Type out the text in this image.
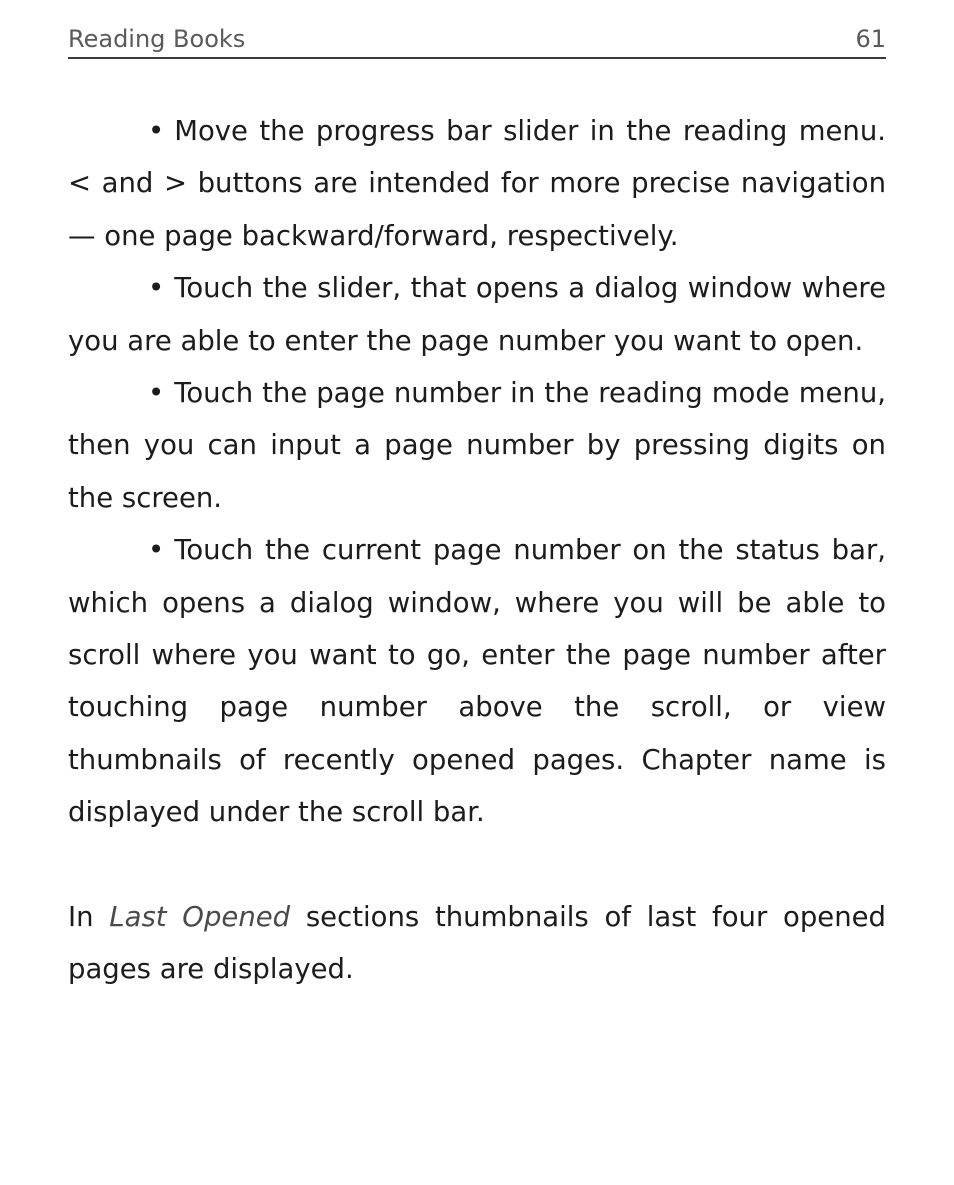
Reading Books	61

• Move the progress bar slider in the reading menu. < and > buttons are intended for more precise navigation — one page backward/forward, respectively.

• Touch the slider, that opens a dialog window where you are able to enter the page number you want to open.

• Touch the page number in the reading mode menu, then you can input a page number by pressing digits on the screen.

• Touch the current page number on the status bar, which opens a dialog window, where you will be able to scroll where you want to go, enter the page number after touching page number above the scroll, or view thumbnails of recently opened pages. Chapter name is displayed under the scroll bar.

In Last Opened sections thumbnails of last four opened pages are displayed.
